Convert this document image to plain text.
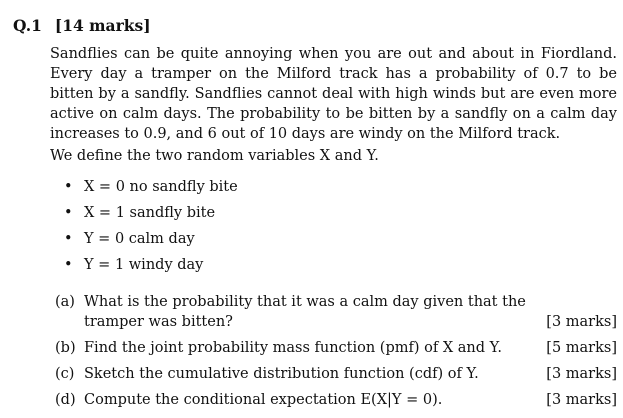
Q.1 [14 marks]

Sandflies can be quite annoying when you are out and about in Fiordland. Every day a tramper on the Milford track has a probability of 0.7 to be bitten by a sandfly. Sandflies cannot deal with high winds but are even more active on calm days. The probability to be bitten by a sandfly on a calm day increases to 0.9, and 6 out of 10 days are windy on the Milford track.

We define the two random variables X and Y.

• X = 0 no sandfly bite
• X = 1 sandfly bite
• Y = 0 calm day
• Y = 1 windy day
(a) What is the probability that it was a calm day given that the tramper was bitten?	[3 marks]
(b) Find the joint probability mass function (pmf) of X and Y.	[5 marks]
(c) Sketch the cumulative distribution function (cdf) of Y.	[3 marks]
(d) Compute the conditional expectation E(X|Y = 0).	[3 marks]
